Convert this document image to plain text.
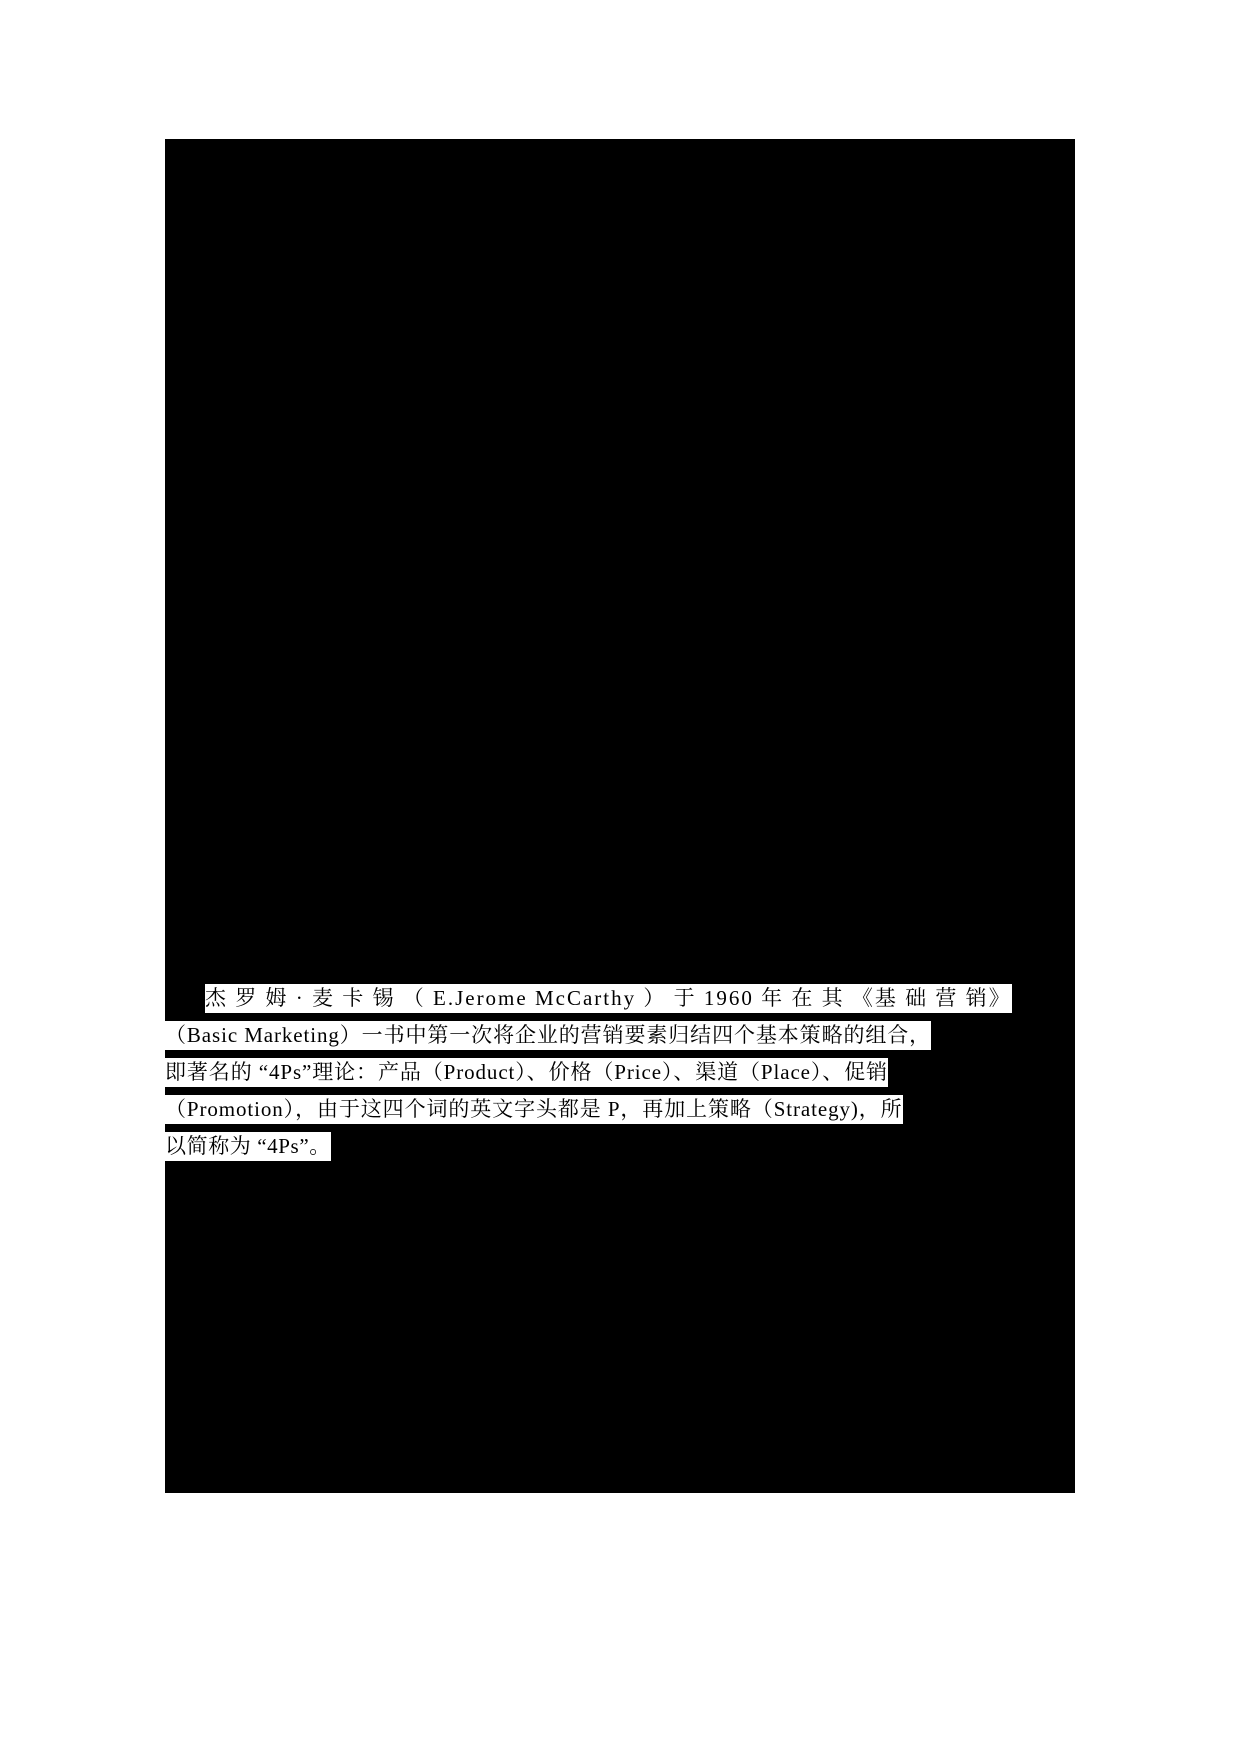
杰 罗 姆 · 麦 卡 锡 （ E.Jerome McCarthy ） 于 1960 年 在 其 《基 础 营 销》
（Basic Marketing）一书中第一次将企业的营销要素归结四个基本策略的组合，
即著名的 “4Ps”理论：产品（Product）、价格（Price）、渠道（Place）、促销
（Promotion），由于这四个词的英文字头都是 P，再加上策略（Strategy)，所
以简称为 “4Ps”。
